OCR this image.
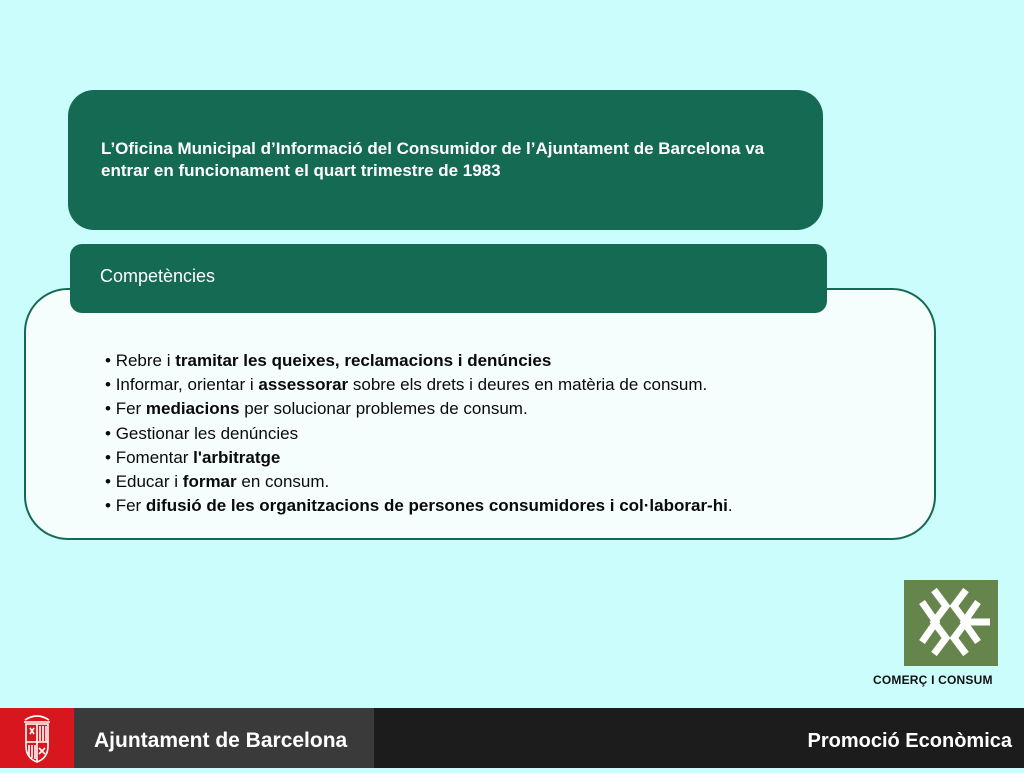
L’Oficina Municipal d’Informació del Consumidor de l’Ajuntament de Barcelona va entrar en funcionament el quart trimestre de 1983
Competències
• Rebre i tramitar les queixes, reclamacions i denúncies
• Informar, orientar i assessorar sobre els drets i deures en matèria de consum.
• Fer mediacions per solucionar problemes de consum.
• Gestionar les denúncies
• Fomentar l'arbitratge
• Educar i formar en consum.
• Fer difusió de les organitzacions de persones consumidores i col·laborar-hi.
COMERÇ I CONSUM
Ajuntament de Barcelona	Promoció Econòmica
